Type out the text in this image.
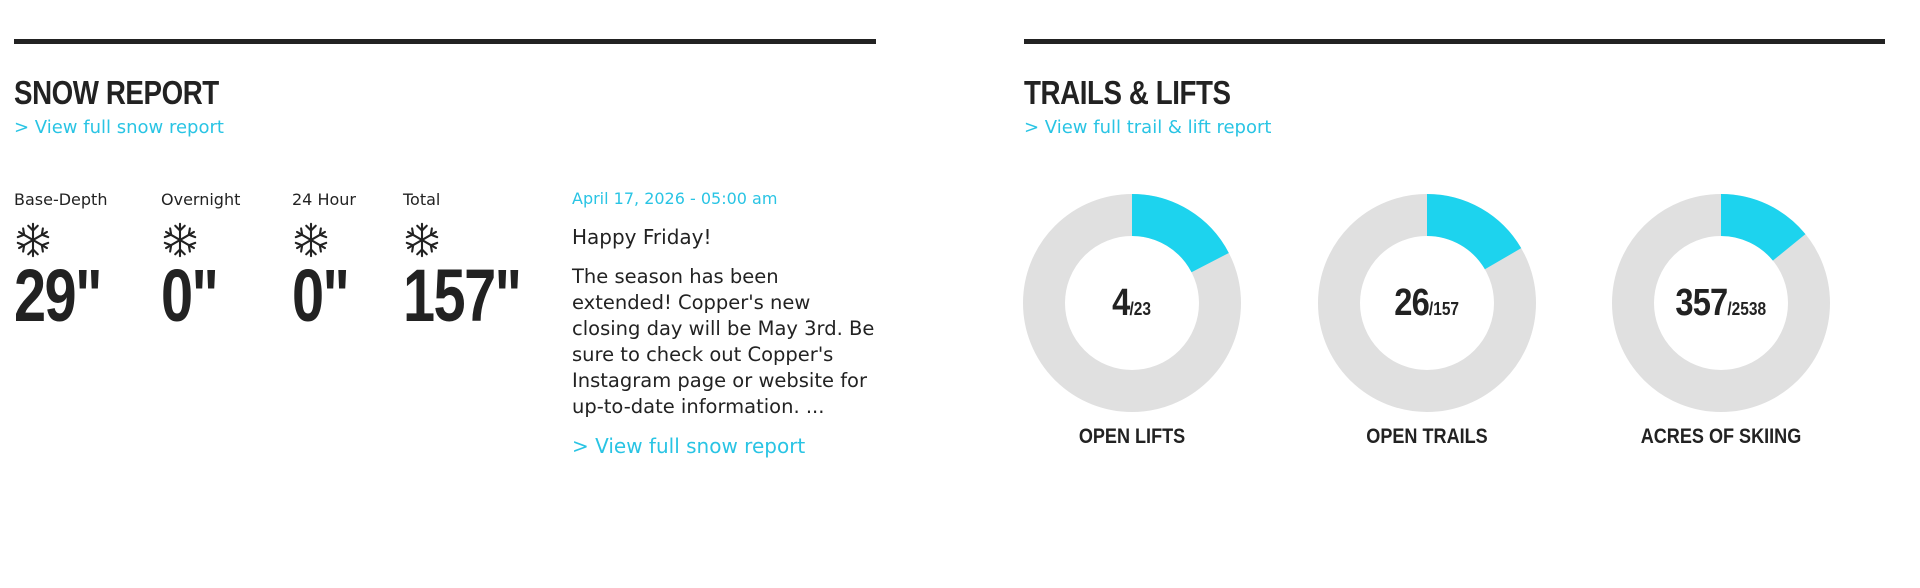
SNOW REPORT
> View full snow report
Base-Depth
29"
Overnight
0"
24 Hour
0"
Total
157"
April 17, 2026 - 05:00 am
Happy Friday!
The season has been extended! Copper's new closing day will be May 3rd. Be sure to check out Copper's Instagram page or website for up-to-date information. ...
> View full snow report
TRAILS & LIFTS
> View full trail & lift report
4/23
OPEN LIFTS
26/157
OPEN TRAILS
357/2538
ACRES OF SKIING
